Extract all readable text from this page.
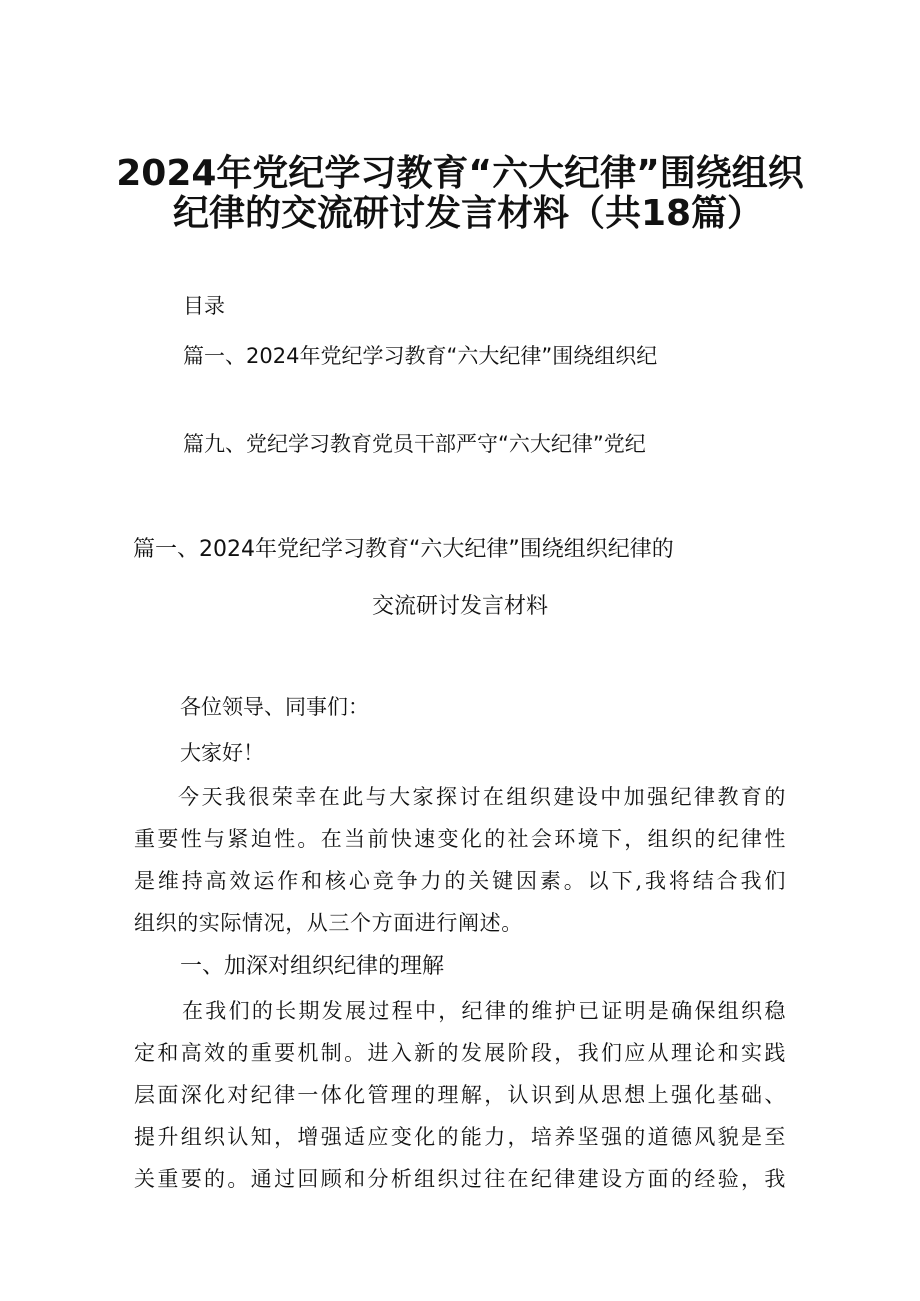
2024年党纪学习教育“六大纪律”围绕组织
纪律的交流研讨发言材料（共18篇）
目录
篇一、2024年党纪学习教育“六大纪律”围绕组织纪
篇九、党纪学习教育党员干部严守“六大纪律”党纪
篇一、2024年党纪学习教育“六大纪律”围绕组织纪律的
交流研讨发言材料
各位领导、同事们：
大家好！
今天我很荣幸在此与大家探讨在组织建设中加强纪律教育的
重要性与紧迫性。在当前快速变化的社会环境下，组织的纪律性
是维持高效运作和核心竞争力的关键因素。以下,我将结合我们
组织的实际情况，从三个方面进行阐述。
一、加深对组织纪律的理解
在我们的长期发展过程中，纪律的维护已证明是确保组织稳
定和高效的重要机制。进入新的发展阶段，我们应从理论和实践
层面深化对纪律一体化管理的理解，认识到从思想上强化基础、
提升组织认知，增强适应变化的能力，培养坚强的道德风貌是至
关重要的。通过回顾和分析组织过往在纪律建设方面的经验，我
